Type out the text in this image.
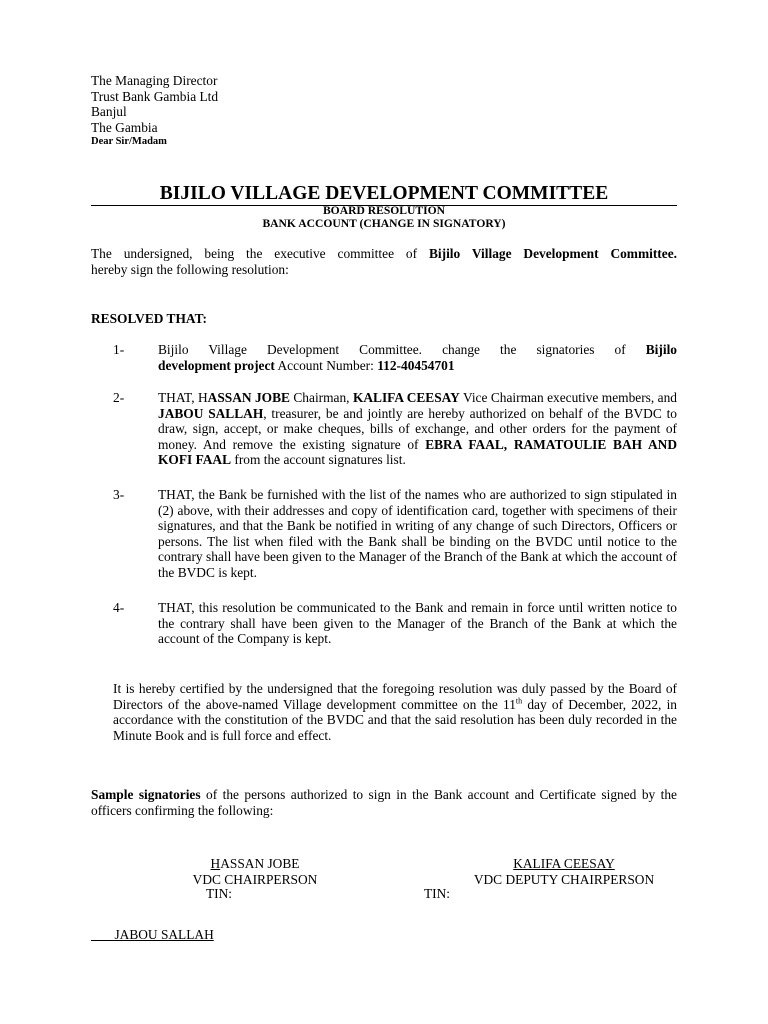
The Managing Director
Trust Bank Gambia Ltd
Banjul
The Gambia
Dear Sir/Madam
BIJILO VILLAGE DEVELOPMENT COMMITTEE
BOARD RESOLUTION
BANK ACCOUNT (CHANGE IN SIGNATORY)
The undersigned, being the executive committee of Bijilo Village Development Committee.
hereby sign the following resolution:
RESOLVED THAT:
1-	Bijilo Village Development Committee. change the signatories of Bijilo
development project Account Number: 112-40454701
2-	THAT, HASSAN JOBE Chairman, KALIFA CEESAY Vice Chairman executive members, and JABOU SALLAH, treasurer, be and jointly are hereby authorized on behalf of the BVDC to draw, sign, accept, or make cheques, bills of exchange, and other orders for the payment of money. And remove the existing signature of EBRA FAAL, RAMATOULIE BAH AND KOFI FAAL from the account signatures list.
3-	THAT, the Bank be furnished with the list of the names who are authorized to sign stipulated in (2) above, with their addresses and copy of identification card, together with specimens of their signatures, and that the Bank be notified in writing of any change of such Directors, Officers or persons. The list when filed with the Bank shall be binding on the BVDC until notice to the contrary shall have been given to the Manager of the Branch of the Bank at which the account of the BVDC is kept.
4-	THAT, this resolution be communicated to the Bank and remain in force until written notice to the contrary shall have been given to the Manager of the Branch of the Bank at which the account of the Company is kept.
It is hereby certified by the undersigned that the foregoing resolution was duly passed by the Board of Directors of the above-named Village development committee on the 11th day of December, 2022, in accordance with the constitution of the BVDC and that the said resolution has been duly recorded in the Minute Book and is full force and effect.
Sample signatories of the persons authorized to sign in the Bank account and Certificate signed by the officers confirming the following:
HASSAN JOBE
VDC CHAIRPERSON
TIN:
KALIFA CEESAY
VDC DEPUTY CHAIRPERSON
TIN:
JABOU SALLAH
